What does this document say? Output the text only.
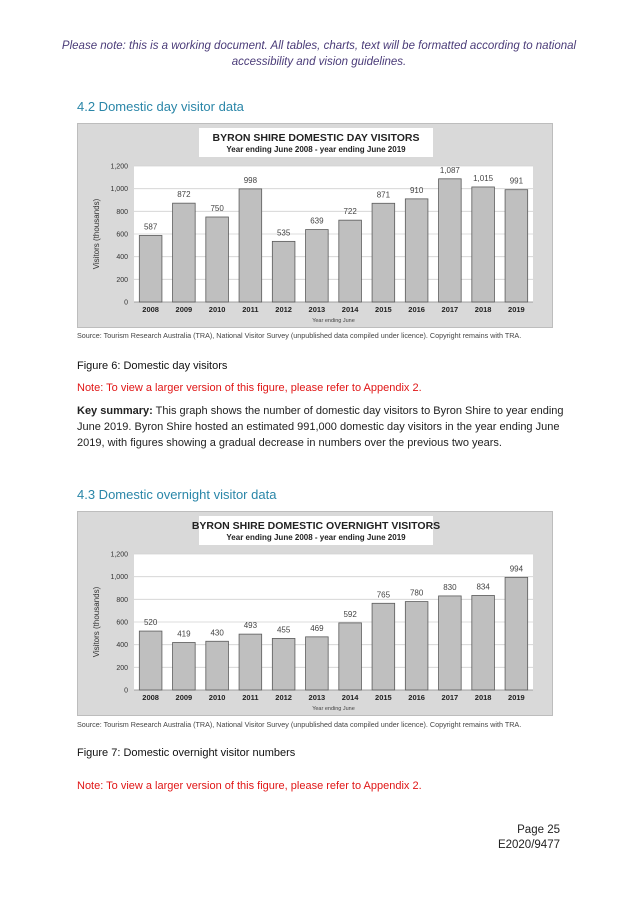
Please note: this is a working document. All tables, charts, text will be formatted according to national accessibility and vision guidelines.
4.2 Domestic day visitor data
BYRON SHIRE DOMESTIC DAY VISITORS
Year ending June 2008 - year ending June 2019
0
200
400
600
800
1,000
1,200
Visitors (thousands)	587
2008
872
2009
750
2010
998
2011
535
2012
639
2013
722
2014
871
2015
910
2016
1,087
2017
1,015
2018
991
2019
Year ending June
Source: Tourism Research Australia (TRA), National Visitor Survey (unpublished data compiled under licence). Copyright remains with TRA.
Figure 6: Domestic day visitors
Note: To view a larger version of this figure, please refer to Appendix 2.
Key summary: This graph shows the number of domestic day visitors to Byron Shire to year ending June 2019. Byron Shire hosted an estimated 991,000 domestic day visitors in the year ending June 2019, with figures showing a gradual decrease in numbers over the previous two years.
4.3 Domestic overnight visitor data
BYRON SHIRE DOMESTIC OVERNIGHT VISITORS
Year ending June 2008 - year ending June 2019
0
200
400
600
800
1,000
1,200
Visitors (thousands)	520
2008
419
2009
430
2010
493
2011
455
2012
469
2013
592
2014
765
2015
780
2016
830
2017
834
2018
994
2019
Year ending June
Source: Tourism Research Australia (TRA), National Visitor Survey (unpublished data compiled under licence). Copyright remains with TRA.
Figure 7: Domestic overnight visitor numbers
Note: To view a larger version of this figure, please refer to Appendix 2.
Page 25
E2020/9477
